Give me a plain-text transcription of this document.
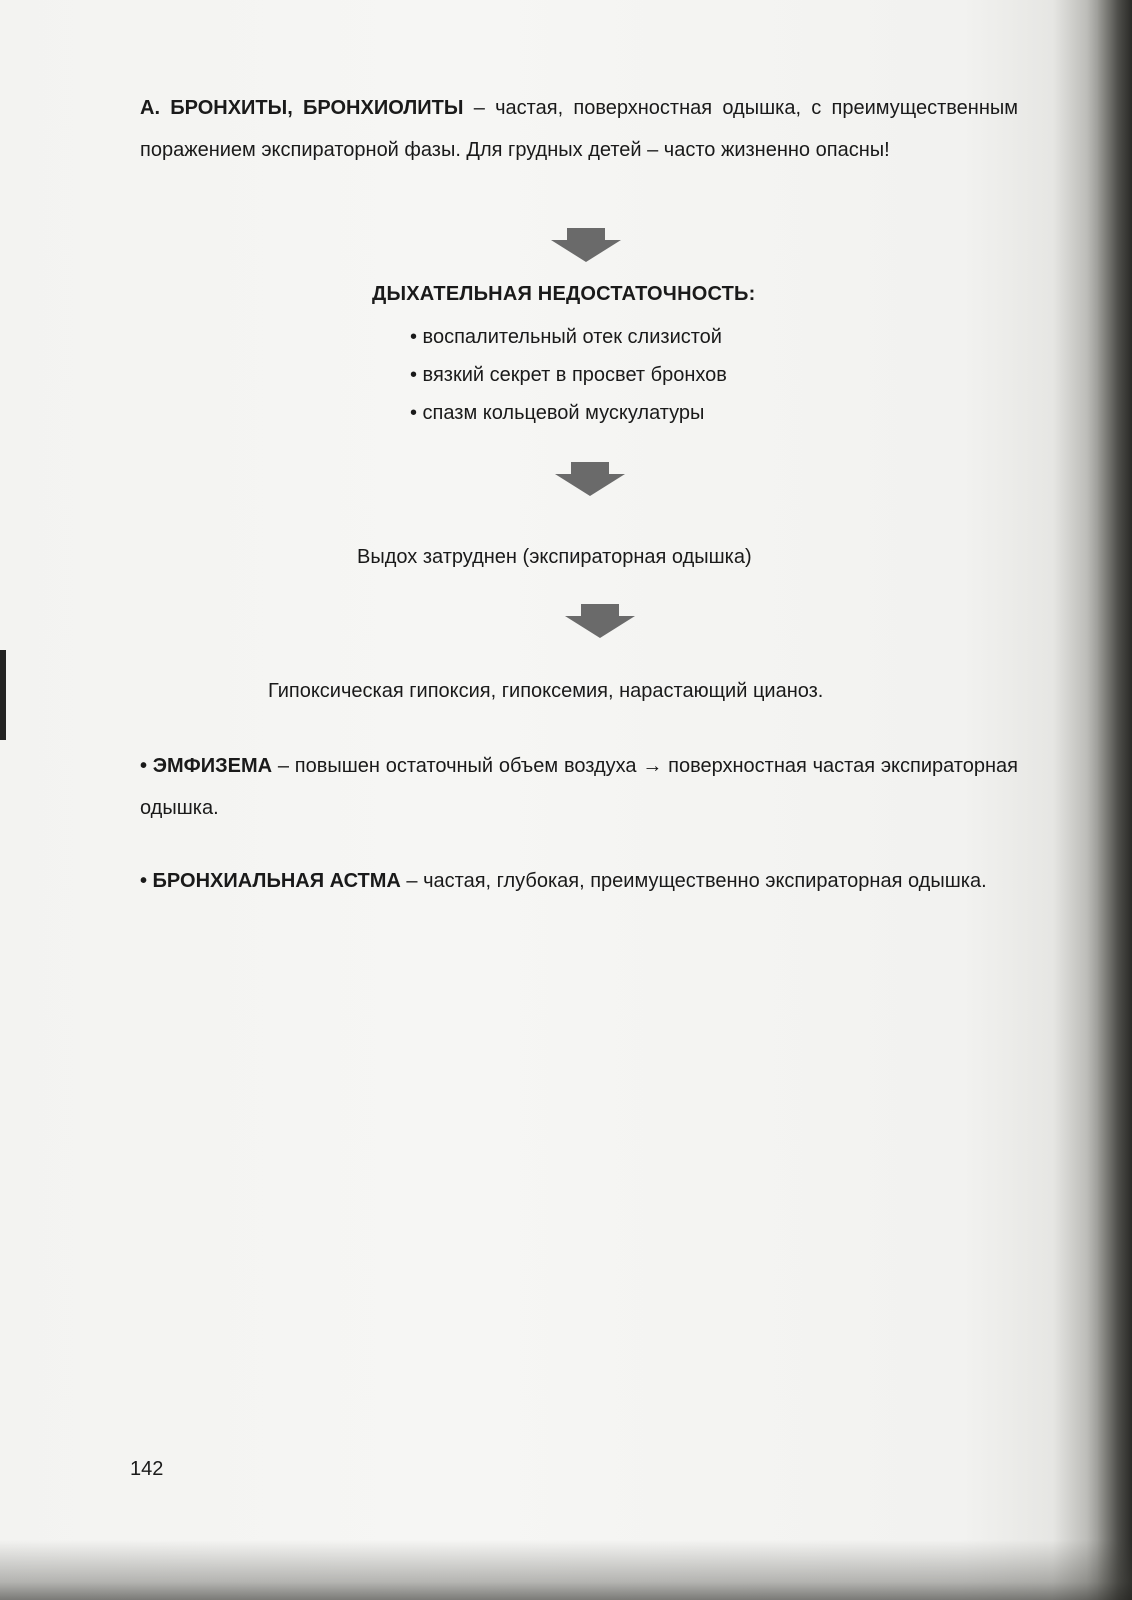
А. БРОНХИТЫ, БРОНХИОЛИТЫ – частая, поверхностная одышка, с преимущественным поражением экспираторной фазы. Для грудных детей – часто жизненно опасны!
ДЫХАТЕЛЬНАЯ НЕДОСТАТОЧНОСТЬ:
• воспалительный отек слизистой
• вязкий секрет в просвет бронхов
• спазм кольцевой мускулатуры
Выдох затруднен (экспираторная одышка)
Гипоксическая гипоксия, гипоксемия, нарастающий цианоз.
• ЭМФИЗЕМА – повышен остаточный объем воздуха → поверхностная частая экспираторная одышка.
• БРОНХИАЛЬНАЯ АСТМА – частая, глубокая, преимущественно экспираторная одышка.
142
